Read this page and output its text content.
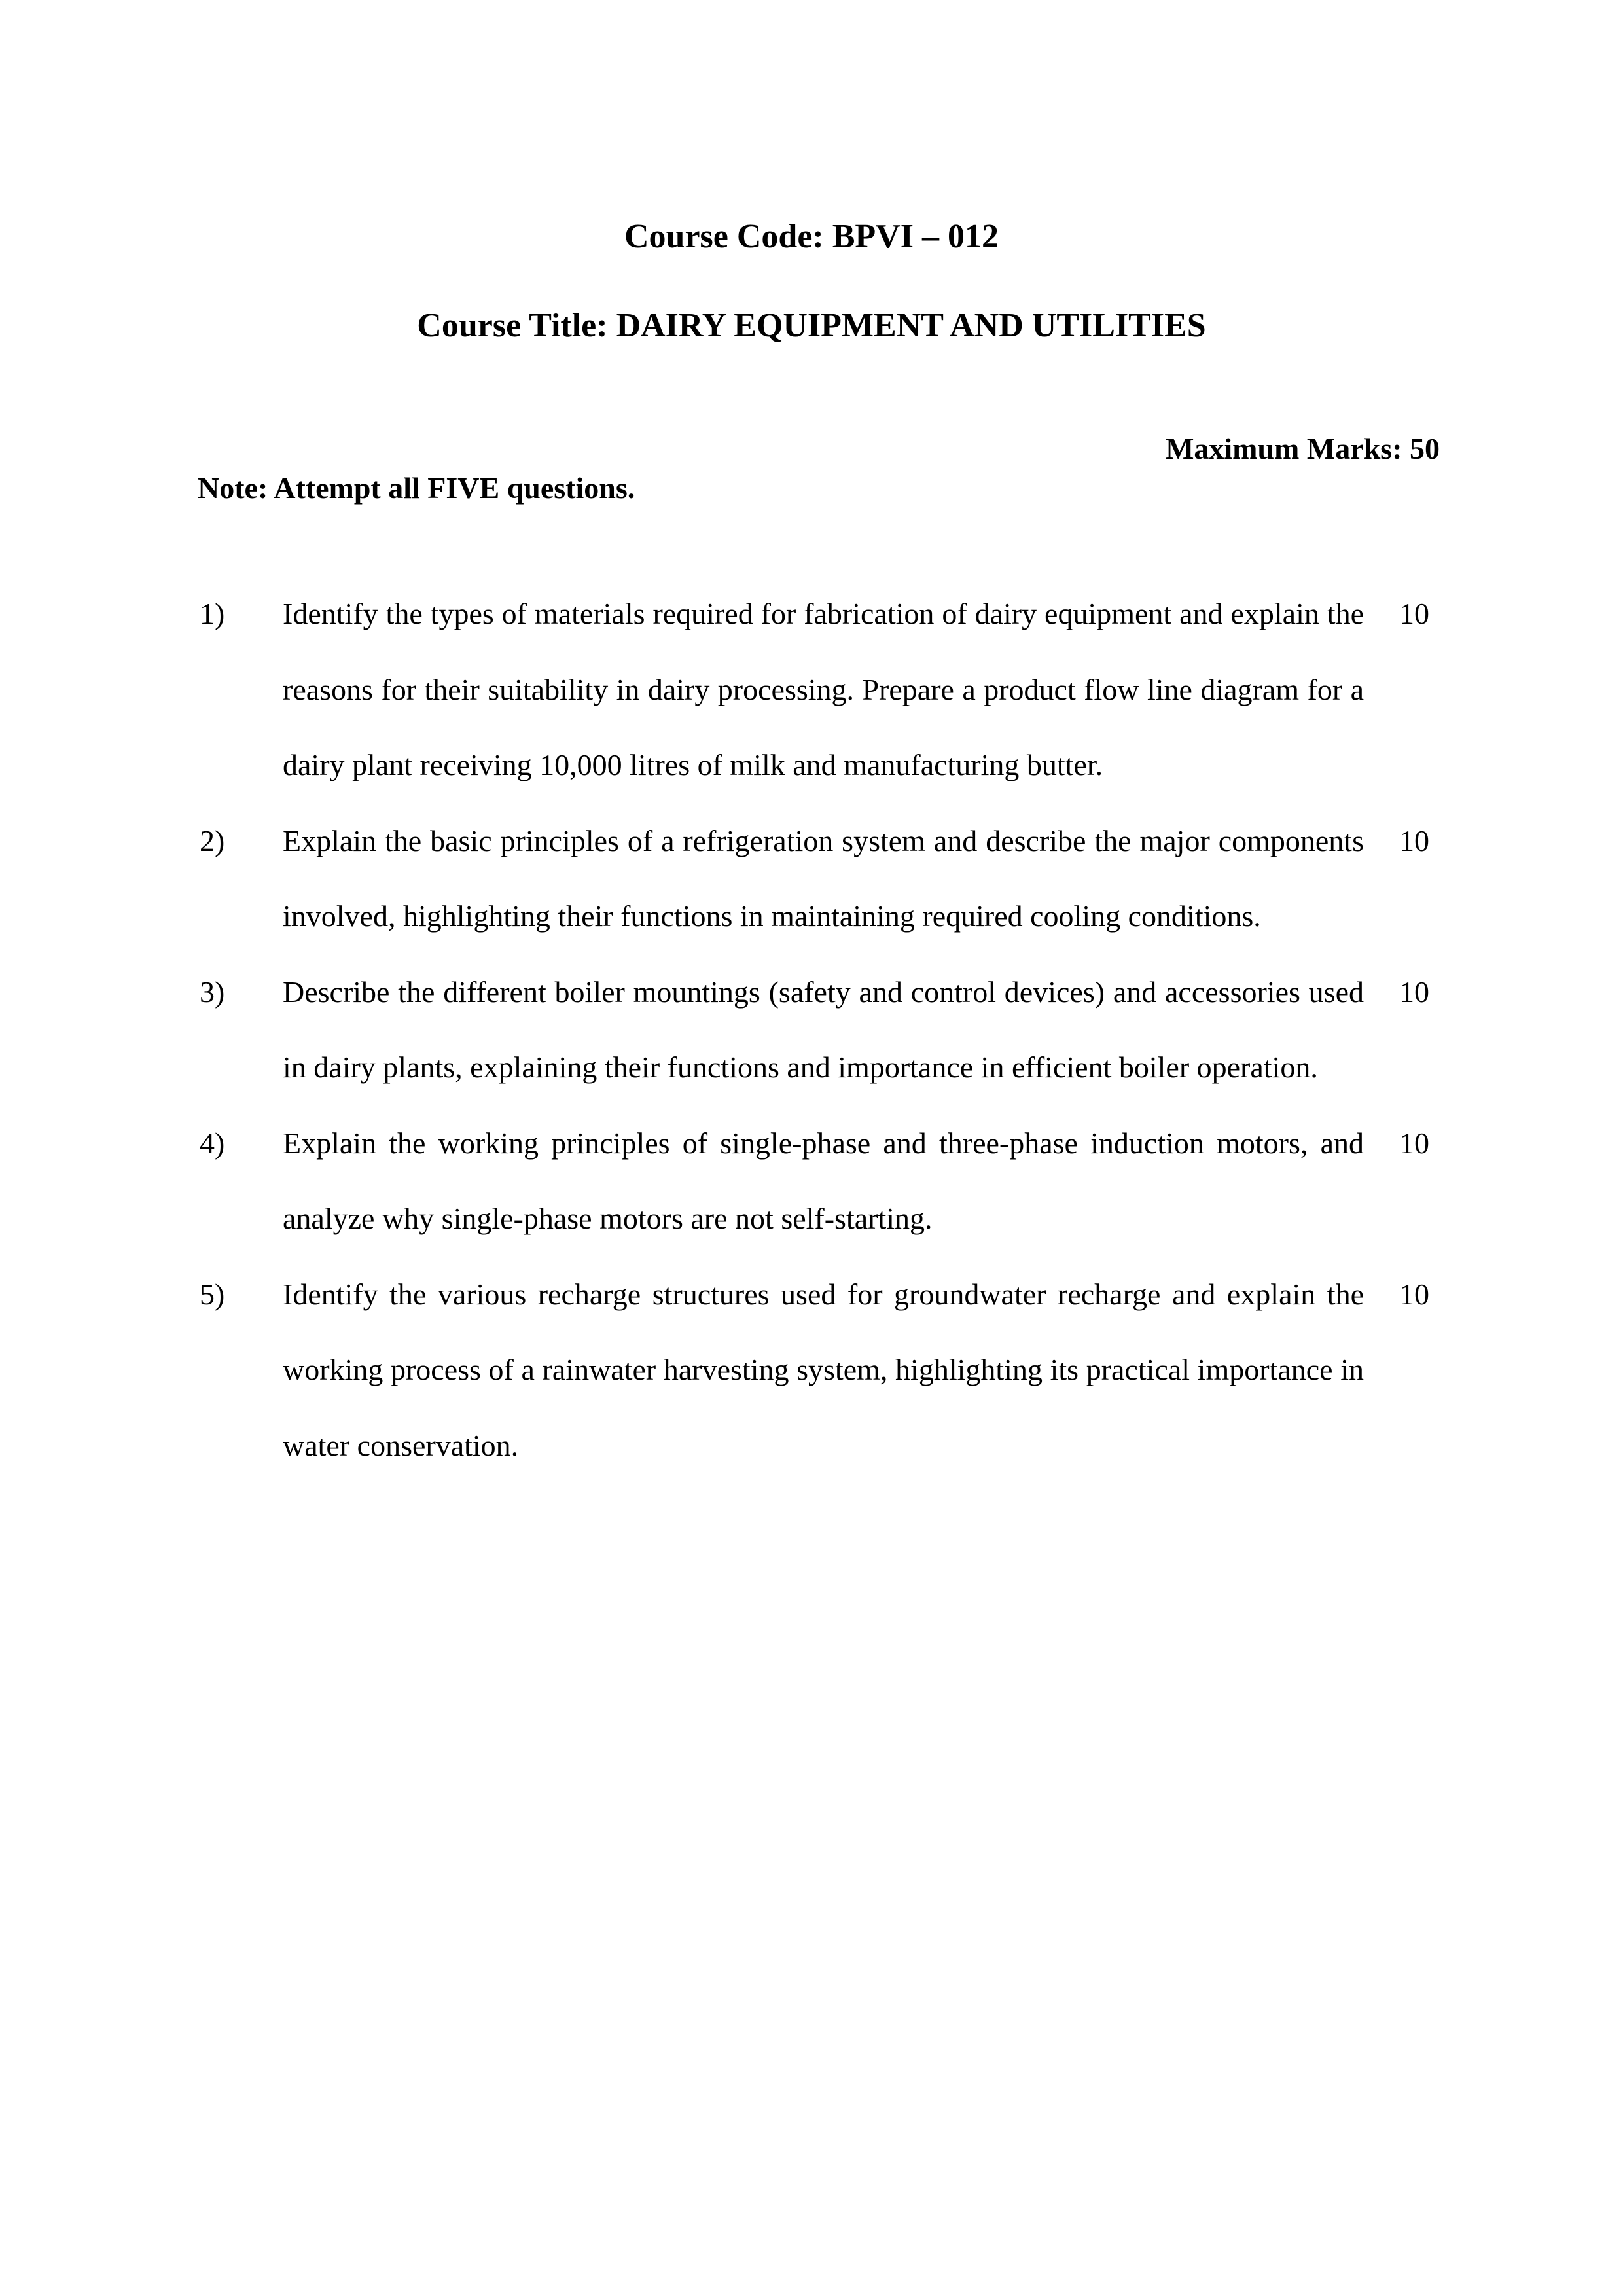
Course Code: BPVI – 012
Course Title: DAIRY EQUIPMENT AND UTILITIES
Maximum Marks: 50
Note: Attempt all FIVE questions.
1) Identify the types of materials required for fabrication of dairy equipment and explain the reasons for their suitability in dairy processing. Prepare a product flow line diagram for a dairy plant receiving 10,000 litres of milk and manufacturing butter.
10
2) Explain the basic principles of a refrigeration system and describe the major components involved, highlighting their functions in maintaining required cooling conditions.
10
3) Describe the different boiler mountings (safety and control devices) and accessories used in dairy plants, explaining their functions and importance in efficient boiler operation.
10
4) Explain the working principles of single-phase and three-phase induction motors, and analyze why single-phase motors are not self-starting.
10
5) Identify the various recharge structures used for groundwater recharge and explain the working process of a rainwater harvesting system, highlighting its practical importance in water conservation.
10
